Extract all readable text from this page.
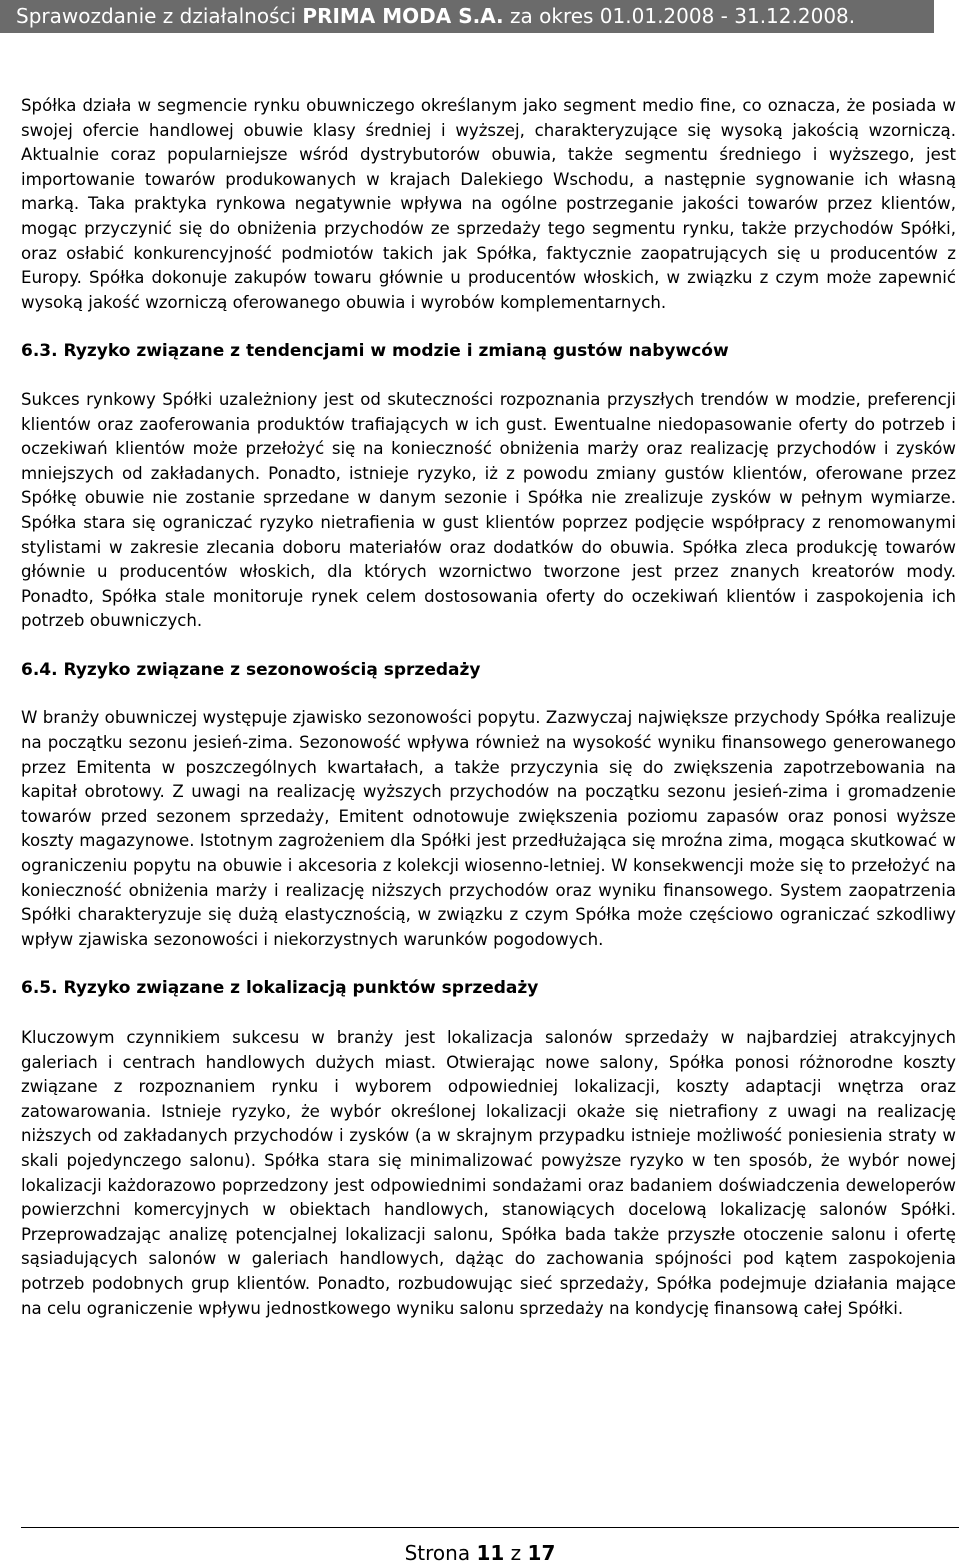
Sprawozdanie z działalności PRIMA MODA S.A. za okres 01.01.2008 - 31.12.2008.

Spółka działa w segmencie rynku obuwniczego określanym jako segment medio fine, co oznacza, że posiada w swojej ofercie handlowej obuwie klasy średniej i wyższej, charakteryzujące się wysoką jakością wzorniczą. Aktualnie coraz popularniejsze wśród dystrybutorów obuwia, także segmentu średniego i wyższego, jest importowanie towarów produkowanych w krajach Dalekiego Wschodu, a następnie sygnowanie ich własną marką. Taka praktyka rynkowa negatywnie wpływa na ogólne postrzeganie jakości towarów przez klientów, mogąc przyczynić się do obniżenia przychodów ze sprzedaży tego segmentu rynku, także przychodów Spółki, oraz osłabić konkurencyjność podmiotów takich jak Spółka, faktycznie zaopatrujących się u producentów z Europy. Spółka dokonuje zakupów towaru głównie u producentów włoskich, w związku z czym może zapewnić wysoką jakość wzorniczą oferowanego obuwia i wyrobów komplementarnych.

6.3. Ryzyko związane z tendencjami w modzie i zmianą gustów nabywców

Sukces rynkowy Spółki uzależniony jest od skuteczności rozpoznania przyszłych trendów w modzie, preferencji klientów oraz zaoferowania produktów trafiających w ich gust. Ewentualne niedopasowanie oferty do potrzeb i oczekiwań klientów może przełożyć się na konieczność obniżenia marży oraz realizację przychodów i zysków mniejszych od zakładanych. Ponadto, istnieje ryzyko, iż z powodu zmiany gustów klientów, oferowane przez Spółkę obuwie nie zostanie sprzedane w danym sezonie i Spółka nie zrealizuje zysków w pełnym wymiarze. Spółka stara się ograniczać ryzyko nietrafienia w gust klientów poprzez podjęcie współpracy z renomowanymi stylistami w zakresie zlecania doboru materiałów oraz dodatków do obuwia. Spółka zleca produkcję towarów głównie u producentów włoskich, dla których wzornictwo tworzone jest przez znanych kreatorów mody. Ponadto, Spółka stale monitoruje rynek celem dostosowania oferty do oczekiwań klientów i zaspokojenia ich potrzeb obuwniczych.

6.4. Ryzyko związane z sezonowością sprzedaży

W branży obuwniczej występuje zjawisko sezonowości popytu. Zazwyczaj największe przychody Spółka realizuje na początku sezonu jesień-zima. Sezonowość wpływa również na wysokość wyniku finansowego generowanego przez Emitenta w poszczególnych kwartałach, a także przyczynia się do zwiększenia zapotrzebowania na kapitał obrotowy. Z uwagi na realizację wyższych przychodów na początku sezonu jesień-zima i gromadzenie towarów przed sezonem sprzedaży, Emitent odnotowuje zwiększenia poziomu zapasów oraz ponosi wyższe koszty magazynowe. Istotnym zagrożeniem dla Spółki jest przedłużająca się mroźna zima, mogąca skutkować w ograniczeniu popytu na obuwie i akcesoria z kolekcji wiosenno-letniej. W konsekwencji może się to przełożyć na konieczność obniżenia marży i realizację niższych przychodów oraz wyniku finansowego. System zaopatrzenia Spółki charakteryzuje się dużą elastycznością, w związku z czym Spółka może częściowo ograniczać szkodliwy wpływ zjawiska sezonowości i niekorzystnych warunków pogodowych.

6.5. Ryzyko związane z lokalizacją punktów sprzedaży

Kluczowym czynnikiem sukcesu w branży jest lokalizacja salonów sprzedaży w najbardziej atrakcyjnych galeriach i centrach handlowych dużych miast. Otwierając nowe salony, Spółka ponosi różnorodne koszty związane z rozpoznaniem rynku i wyborem odpowiedniej lokalizacji, koszty adaptacji wnętrza oraz zatowarowania. Istnieje ryzyko, że wybór określonej lokalizacji okaże się nietrafiony z uwagi na realizację niższych od zakładanych przychodów i zysków (a w skrajnym przypadku istnieje możliwość poniesienia straty w skali pojedynczego salonu). Spółka stara się minimalizować powyższe ryzyko w ten sposób, że wybór nowej lokalizacji każdorazowo poprzedzony jest odpowiednimi sondażami oraz badaniem doświadczenia deweloperów powierzchni komercyjnych w obiektach handlowych, stanowiących docelową lokalizację salonów Spółki. Przeprowadzając analizę potencjalnej lokalizacji salonu, Spółka bada także przyszłe otoczenie salonu i ofertę sąsiadujących salonów w galeriach handlowych, dążąc do zachowania spójności pod kątem zaspokojenia potrzeb podobnych grup klientów. Ponadto, rozbudowując sieć sprzedaży, Spółka podejmuje działania mające na celu ograniczenie wpływu jednostkowego wyniku salonu sprzedaży na kondycję finansową całej Spółki.

Strona 11 z 17
